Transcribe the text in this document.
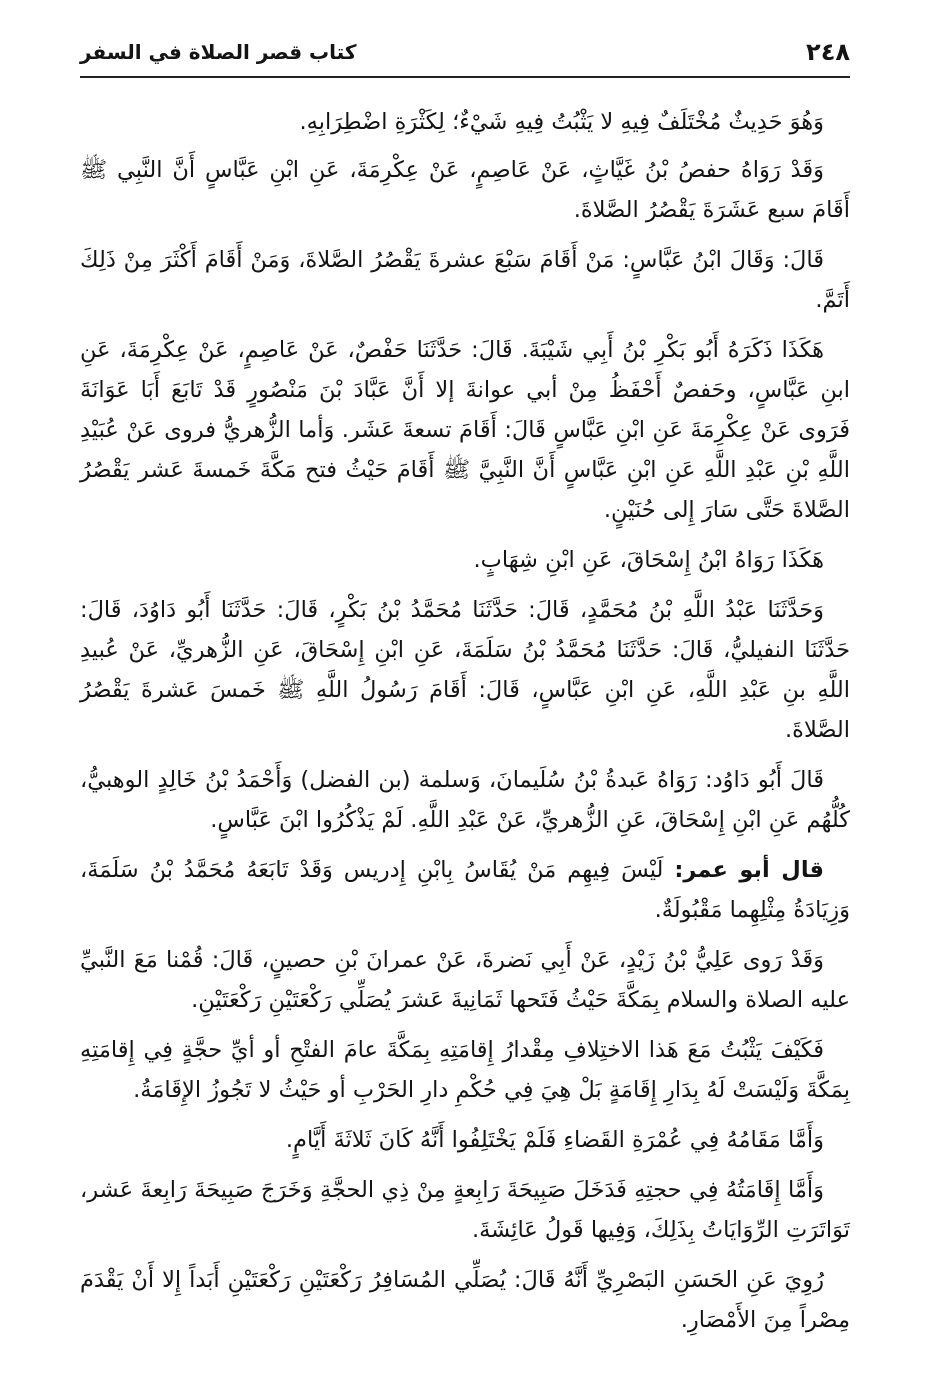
٢٤٨
كتاب قصر الصلاة في السفر

وَهُوَ حَدِيثٌ مُخْتَلَفٌ فِيهِ لا يَثْبُتُ فِيهِ شَيْءٌ؛ لِكَثْرَةِ اضْطِرَابِهِ.

وَقَدْ رَوَاهُ حفصُ بْنُ غَيَّاثٍ، عَنْ عَاصِمٍ، عَنْ عِكْرِمَةَ، عَنِ ابْنِ عَبَّاسٍ أَنَّ النَّبِي ﷺ أَقَامَ سبع عَشَرَةَ يَقْصُرُ الصَّلاةَ.

قَالَ: وَقَالَ ابْنُ عَبَّاسٍ: مَنْ أَقَامَ سَبْعَ عشرةَ يَقْصُرُ الصَّلاةَ، وَمَنْ أَقَامَ أَكْثَرَ مِنْ ذَلِكَ أَتَمَّ.

هَكَذَا ذَكَرَهُ أَبُو بَكْرِ بْنُ أَبِي شَيْبَةَ. قَالَ: حَدَّثَنَا حَفْصٌ، عَنْ عَاصِمٍ، عَنْ عِكْرِمَةَ، عَنِ ابنِ عَبَّاسٍ، وحَفصٌ أَحْفَظُ مِنْ أبي عوانةَ إلا أَنَّ عَبَّادَ بْنَ مَنْصُورٍ قَدْ تَابَعَ أَبَا عَوَانَةَ فَرَوى عَنْ عِكْرِمَةَ عَنِ ابْنِ عَبَّاسٍ قَالَ: أَقَامَ تسعةَ عَشَر. وَأما الزُّهريُّ فروى عَنْ عُبَيْدِ اللَّهِ بْنِ عَبْدِ اللَّهِ عَنِ ابْنِ عَبَّاسٍ أَنَّ النَّبِيَّ ﷺ أَقَامَ حَيْثُ فتح مَكَّةَ خَمسةَ عَشر يَقْصُرُ الصَّلاةَ حَتَّى سَارَ إِلى حُنَيْنٍ.

هَكَذَا رَوَاهُ ابْنُ إِسْحَاقَ، عَنِ ابْنِ شِهَابٍ.

وَحَدَّثَنَا عَبْدُ اللَّهِ بْنُ مُحَمَّدٍ، قَالَ: حَدَّثَنَا مُحَمَّدُ بْنُ بَكْرٍ، قَالَ: حَدَّثَنَا أَبُو دَاوُدَ، قَالَ: حَدَّثَنَا النفيليُّ، قَالَ: حَدَّثَنَا مُحَمَّدُ بْنُ سَلَمَةَ، عَنِ ابْنِ إِسْحَاقَ، عَنِ الزُّهريِّ، عَنْ عُبيدِ اللَّهِ بنِ عَبْدِ اللَّهِ، عَنِ ابْنِ عَبَّاسٍ، قَالَ: أَقَامَ رَسُولُ اللَّهِ ﷺ خَمسَ عَشرةَ يَقْصُرُ الصَّلاةَ.

قَالَ أَبُو دَاوُد: رَوَاهُ عَبدةُ بْنُ سُلَيمانَ، وَسلمة (بن الفضل) وَأَحْمَدُ بْنُ خَالِدٍ الوهبيُّ، كُلُّهُم عَنِ ابْنِ إِسْحَاقَ، عَنِ الزُّهريِّ، عَنْ عَبْدِ اللَّهِ. لَمْ يَذْكُرُوا ابْنَ عَبَّاسٍ.

قال أبو عمر: لَيْسَ فِيهِم مَنْ يُقَاسُ بِابْنِ إِدريس وَقَدْ تَابَعَهُ مُحَمَّدُ بْنُ سَلَمَةَ، وَزِيَادَةُ مِثْلِهِما مَقْبُولَةٌ.

وَقَدْ رَوى عَلِيُّ بْنُ زَيْدٍ، عَنْ أَبِي نَضرةَ، عَنْ عمرانَ بْنِ حصينٍ، قَالَ: قُمْنا مَعَ النَّبيِّ عليه الصلاة والسلام بِمَكَّةَ حَيْثُ فَتَحها ثَمَانِيةَ عَشرَ يُصَلِّي رَكْعَتَيْنِ رَكْعَتَيْنِ.

فَكَيْفَ يَثْبُتُ مَعَ هَذا الاختِلافِ مِقْدارُ إِقامَتِهِ بِمَكَّةَ عامَ الفتْحِ أو أيِّ حجَّةٍ فِي إِقامَتِهِ بِمَكَّةَ وَلَيْسَتْ لَهُ بِدَارِ إِقَامَةٍ بَلْ هِيَ فِي حُكْمِ دارِ الحَرْبِ أو حَيْثُ لا تَجُوزُ الإِقَامَةُ.

وَأَمَّا مَقَامُهُ فِي عُمْرَةِ القَضاءِ فَلَمْ يَخْتَلِفُوا أَنَّهُ كَانَ ثَلاثَةَ أَيَّامٍ.

وَأَمَّا إِقَامَتُهُ فِي حجتِهِ فَدَخَلَ صَبِيحَةَ رَابِعةٍ مِنْ ذِي الحجَّةِ وَخَرَجَ صَبِيحَةَ رَابِعةَ عَشر، تَوَاتَرَتِ الرِّوَايَاتُ بِذَلِكَ، وَفِيها قَولُ عَائِشَةَ.

رُوِيَ عَنِ الحَسَنِ البَصْرِيِّ أَنَّهُ قَالَ: يُصَلِّي المُسَافِرُ رَكْعَتَيْنِ رَكْعَتَيْنِ أَبَداً إِلا أَنْ يَقْدَمَ مِصْراً مِنَ الأَمْصَارِ.
